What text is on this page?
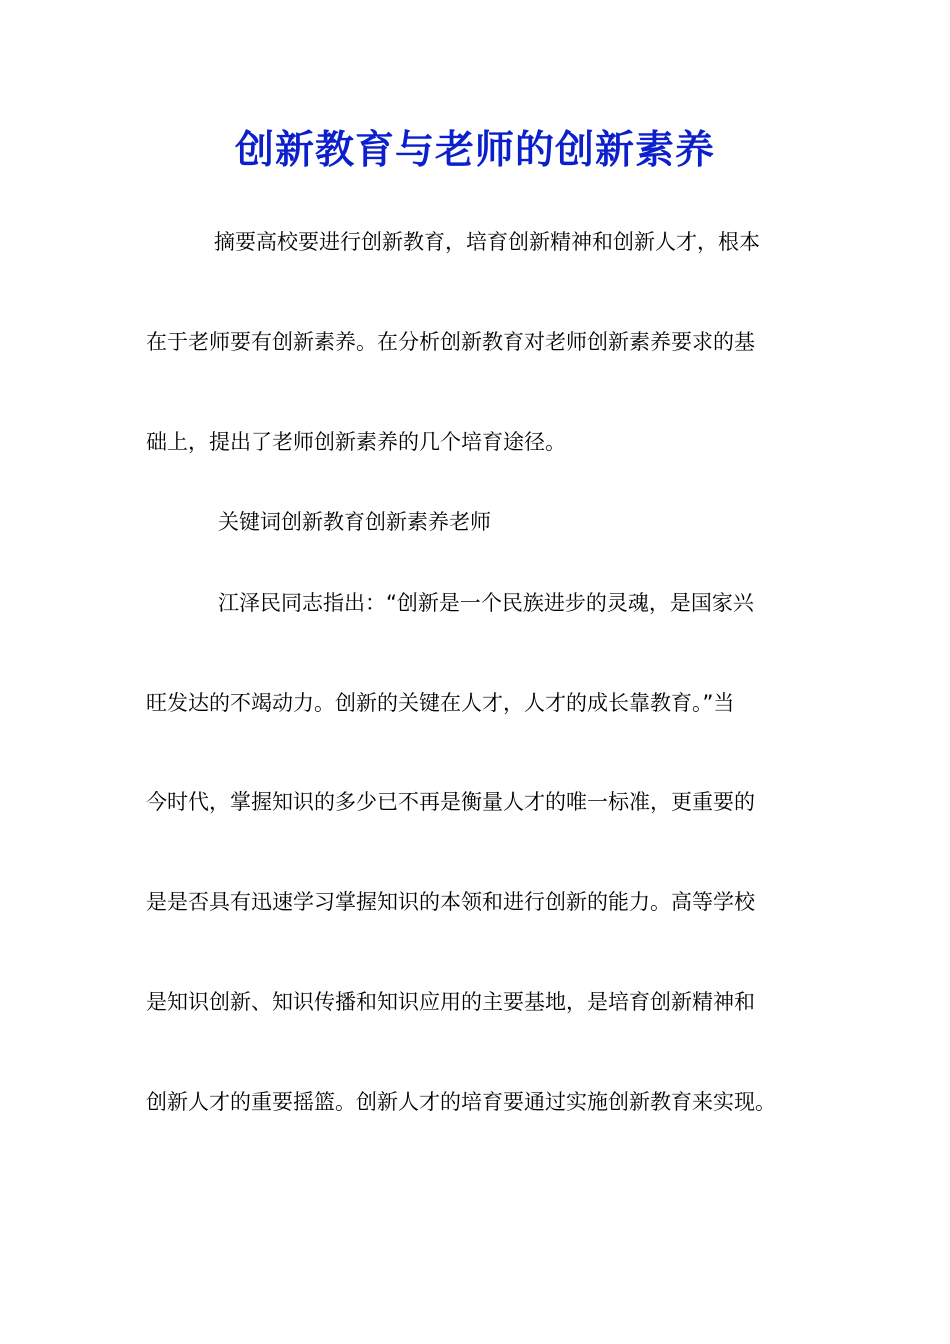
创新教育与老师的创新素养
摘要高校要进行创新教育，培育创新精神和创新人才，根本
在于老师要有创新素养。在分析创新教育对老师创新素养要求的基
础上，提出了老师创新素养的几个培育途径。
关键词创新教育创新素养老师
江泽民同志指出：“创新是一个民族进步的灵魂，是国家兴
旺发达的不竭动力。创新的关键在人才，人才的成长靠教育。”当
今时代，掌握知识的多少已不再是衡量人才的唯一标准，更重要的
是是否具有迅速学习掌握知识的本领和进行创新的能力。高等学校
是知识创新、知识传播和知识应用的主要基地，是培育创新精神和
创新人才的重要摇篮。创新人才的培育要通过实施创新教育来实现。
